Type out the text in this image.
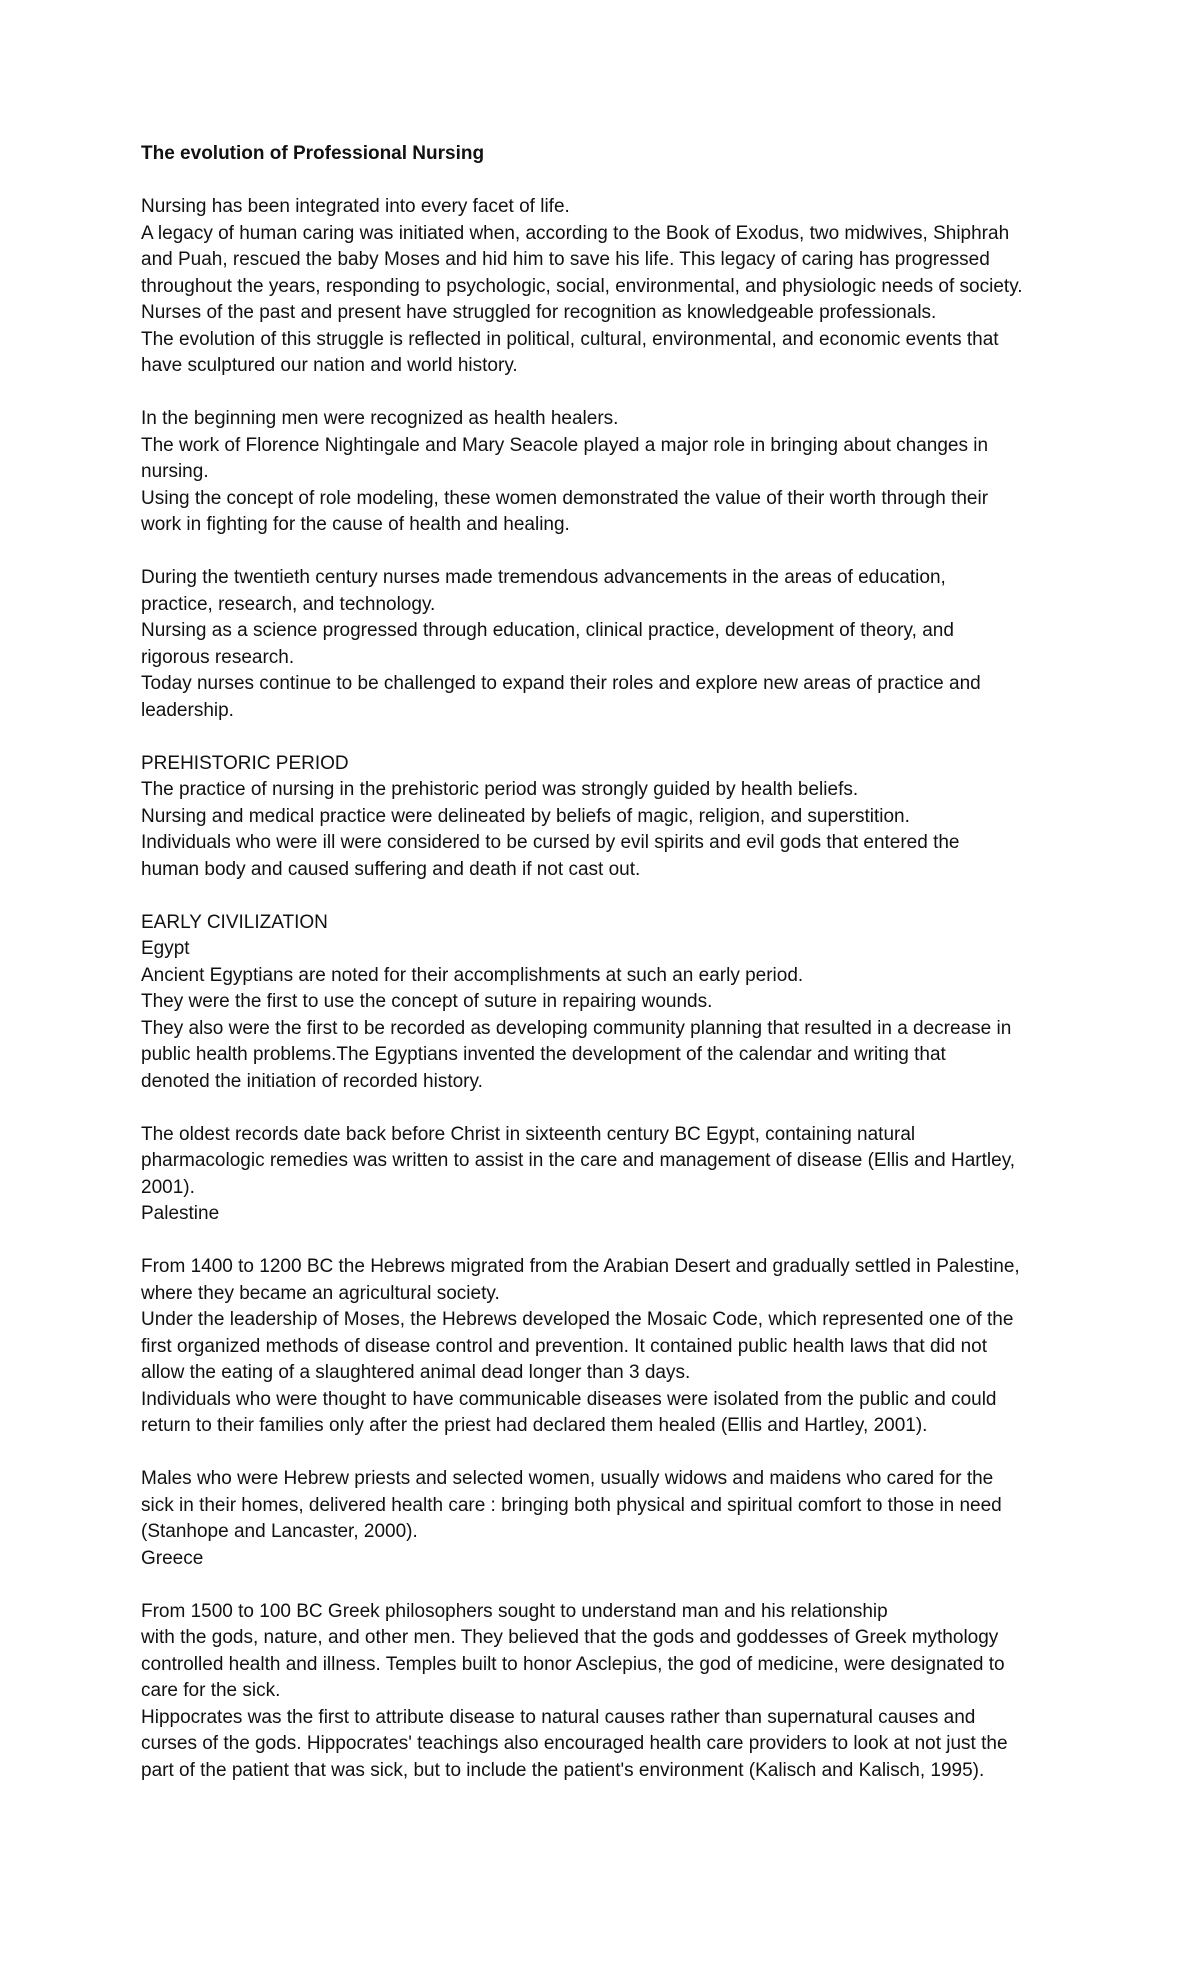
The evolution of Professional Nursing

Nursing has been integrated into every facet of life.

A legacy of human caring was initiated when, according to the Book of Exodus, two midwives, Shiphrah

and Puah, rescued the baby Moses and hid him to save his life. This legacy of caring has progressed

throughout the years, responding to psychologic, social, environmental, and physiologic needs of society.

Nurses of the past and present have struggled for recognition as knowledgeable professionals.

The evolution of this struggle is reflected in political, cultural, environmental, and economic events that

have sculptured our nation and world history.

In the beginning men were recognized as health healers.

The work of Florence Nightingale and Mary Seacole played a major role in bringing about changes in

nursing.

Using the concept of role modeling, these women demonstrated the value of their worth through their

work in fighting for the cause of health and healing.

During the twentieth century nurses made tremendous advancements in the areas of education,

practice, research, and technology.

Nursing as a science progressed through education, clinical practice, development of theory, and

rigorous research.

Today nurses continue to be challenged to expand their roles and explore new areas of practice and

leadership.

PREHISTORIC PERIOD

The practice of nursing in the prehistoric period was strongly guided by health beliefs.

Nursing and medical practice were delineated by beliefs of magic, religion, and superstition.

Individuals who were ill were considered to be cursed by evil spirits and evil gods that entered the

human body and caused suffering and death if not cast out.

EARLY CIVILIZATION

Egypt

Ancient Egyptians are noted for their accomplishments at such an early period.

They were the first to use the concept of suture in repairing wounds.

They also were the first to be recorded as developing community planning that resulted in a decrease in

public health problems.The Egyptians invented the development of the calendar and writing that

denoted the initiation of recorded history.

The oldest records date back before Christ in sixteenth century BC Egypt, containing natural

pharmacologic remedies was written to assist in the care and management of disease (Ellis and Hartley,

2001).

Palestine

From 1400 to 1200 BC the Hebrews migrated from the Arabian Desert and gradually settled in Palestine,

where they became an agricultural society.

Under the leadership of Moses, the Hebrews developed the Mosaic Code, which represented one of the

first organized methods of disease control and prevention. It contained public health laws that did not

allow the eating of a slaughtered animal dead longer than 3 days.

Individuals who were thought to have communicable diseases were isolated from the public and could

return to their families only after the priest had declared them healed (Ellis and Hartley, 2001).

Males who were Hebrew priests and selected women, usually widows and maidens who cared for the

sick in their homes, delivered health care : bringing both physical and spiritual comfort to those in need

(Stanhope and Lancaster, 2000).

Greece

From 1500 to 100 BC Greek philosophers sought to understand man and his relationship

with the gods, nature, and other men. They believed that the gods and goddesses of Greek mythology

controlled health and illness. Temples built to honor Asclepius, the god of medicine, were designated to

care for the sick.

Hippocrates was the first to attribute disease to natural causes rather than supernatural causes and

curses of the gods. Hippocrates' teachings also encouraged health care providers to look at not just the

part of the patient that was sick, but to include the patient's environment (Kalisch and Kalisch, 1995).
